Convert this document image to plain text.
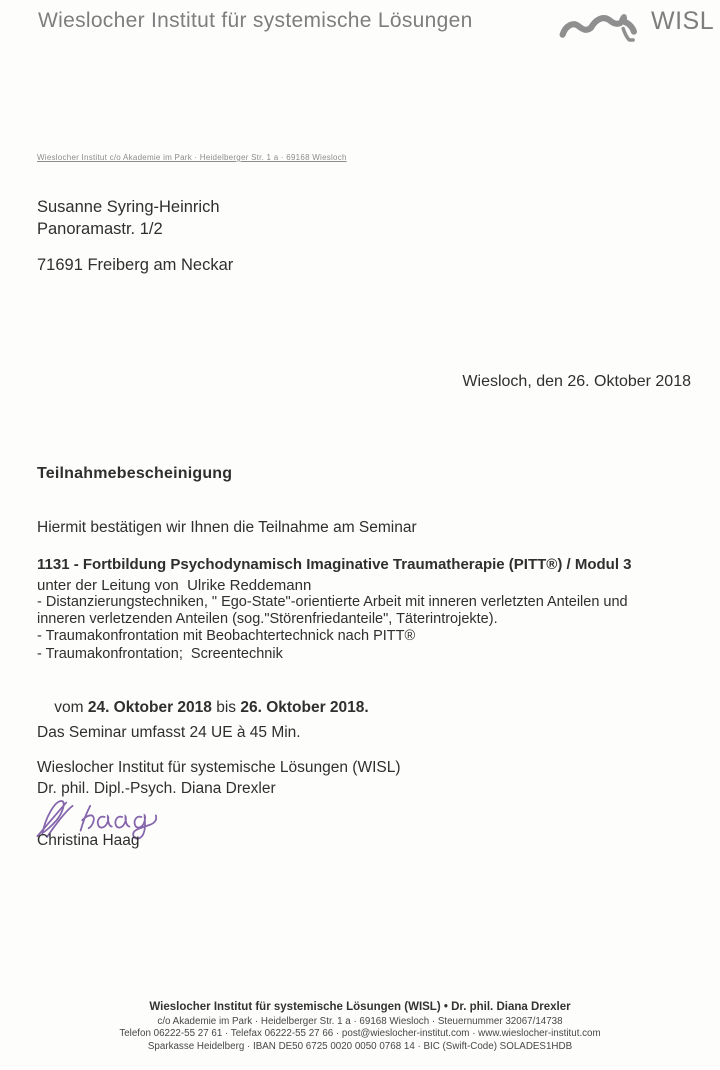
Wieslocher Institut für systemische Lösungen	WISL
Wieslocher Institut c/o Akademie im Park · Heidelberger Str. 1 a · 69168 Wiesloch
Susanne Syring-Heinrich
Panoramastr. 1/2
71691 Freiberg am Neckar
Wiesloch, den 26. Oktober 2018
Teilnahmebescheinigung
Hiermit bestätigen wir Ihnen die Teilnahme am Seminar
1131 - Fortbildung Psychodynamisch Imaginative Traumatherapie (PITT®) / Modul 3
unter der Leitung von  Ulrike Reddemann
- Distanzierungstechniken, " Ego-State"-orientierte Arbeit mit inneren verletzten Anteilen und
inneren verletzenden Anteilen (sog."Störenfriedanteile", Täterintrojekte).
- Traumakonfrontation mit Beobachtertechnick nach PITT®
- Traumakonfrontation;  Screentechnik

vom 24. Oktober 2018 bis 26. Oktober 2018.

Das Seminar umfasst 24 UE à 45 Min.
Wieslocher Institut für systemische Lösungen (WISL)
Dr. phil. Dipl.-Psych. Diana Drexler
Christina Haag
Wieslocher Institut für systemische Lösungen (WISL) • Dr. phil. Diana Drexler
c/o Akademie im Park · Heidelberger Str. 1 a · 69168 Wiesloch · Steuernummer 32067/14738
Telefon 06222-55 27 61 · Telefax 06222-55 27 66 · post@wieslocher-institut.com · www.wieslocher-institut.com
Sparkasse Heidelberg · IBAN DE50 6725 0020 0050 0768 14 · BIC (Swift-Code) SOLADES1HDB
